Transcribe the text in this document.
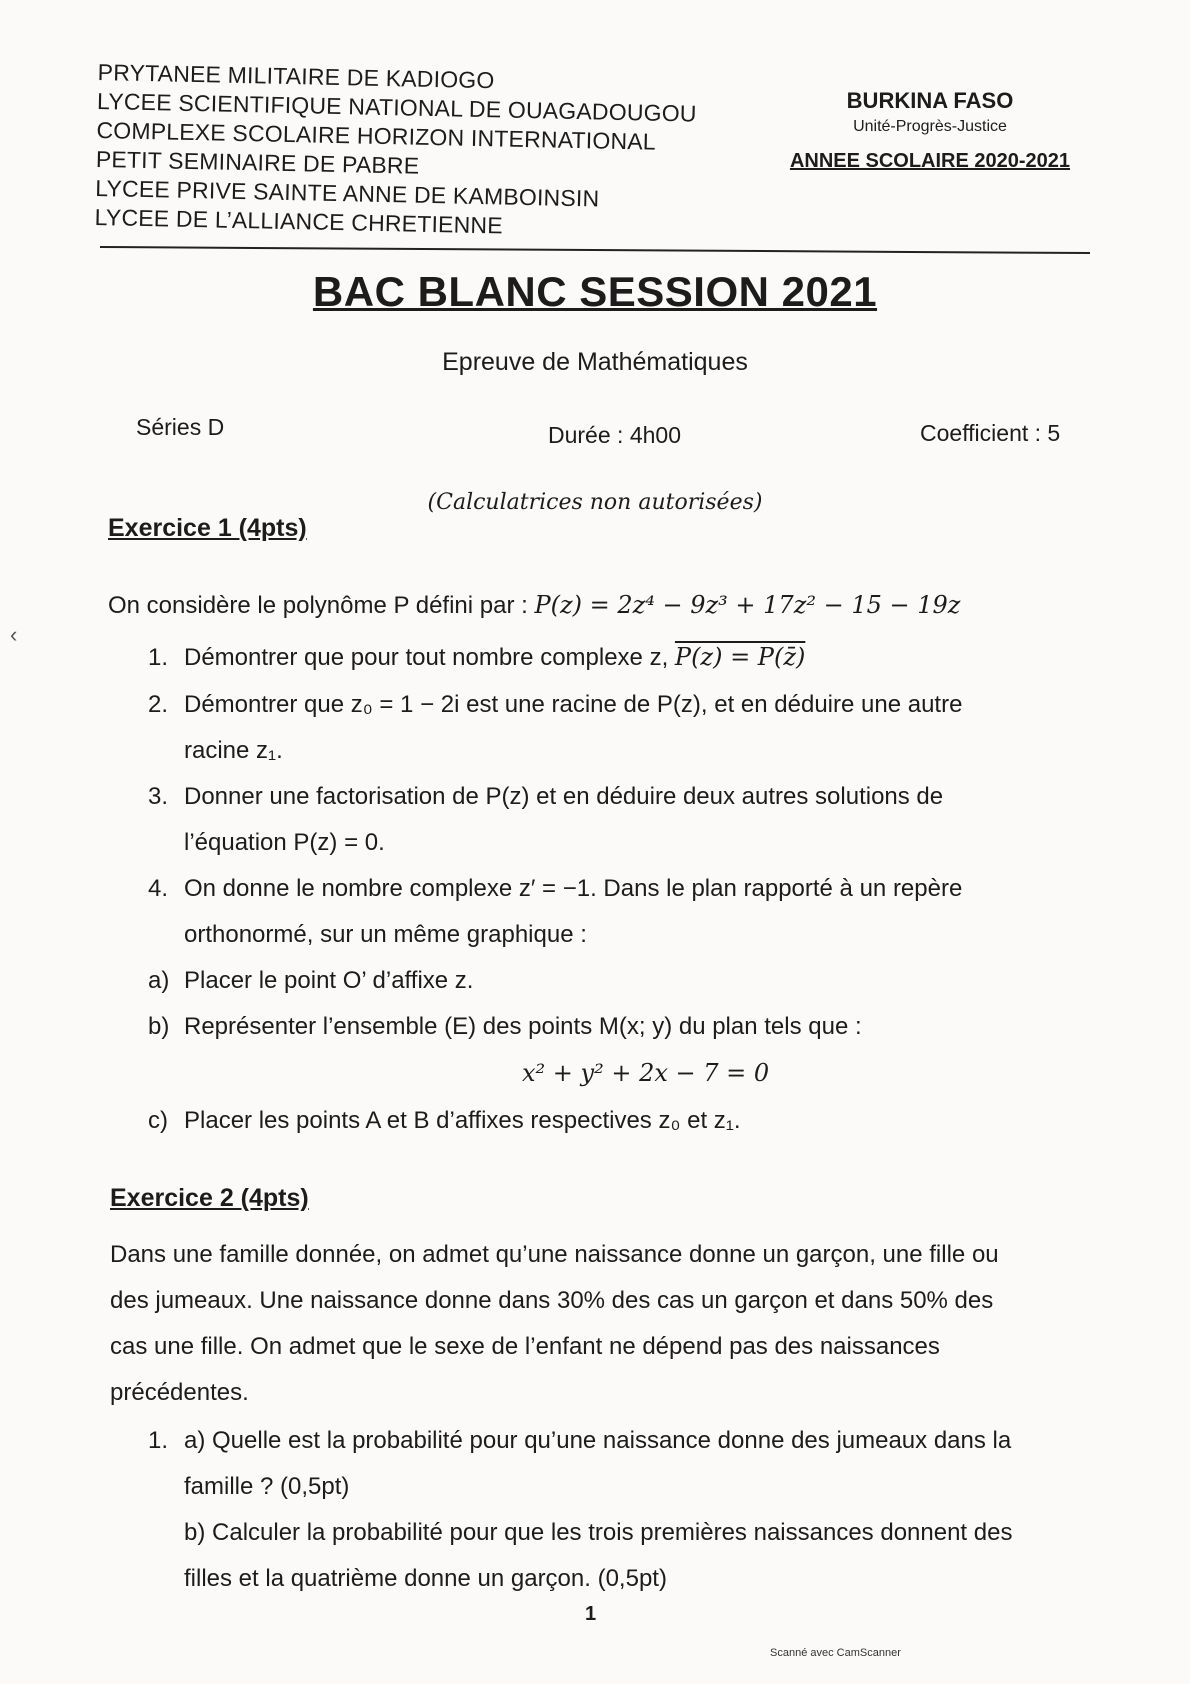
PRYTANEE MILITAIRE DE KADIOGO
LYCEE SCIENTIFIQUE NATIONAL DE OUAGADOUGOU
COMPLEXE SCOLAIRE HORIZON INTERNATIONAL
PETIT SEMINAIRE DE PABRE
LYCEE PRIVE SAINTE ANNE DE KAMBOINSIN
LYCEE DE L’ALLIANCE CHRETIENNE
BURKINA FASO
Unité-Progrès-Justice
ANNEE SCOLAIRE 2020-2021
BAC BLANC SESSION 2021
Epreuve de Mathématiques
Séries D	Durée : 4h00	Coefficient : 5
(Calculatrices non autorisées)
‹
Exercice 1 (4pts)
On considère le polynôme P défini par : P(z) = 2z⁴ − 9z³ + 17z² − 15 − 19z
1. Démontrer que pour tout nombre complexe z, P(z) = P(z̄)
2. Démontrer que z₀ = 1 − 2i est une racine de P(z), et en déduire une autre
racine z₁.
3. Donner une factorisation de P(z) et en déduire deux autres solutions de
l’équation P(z) = 0.
4. On donne le nombre complexe z′ = −1. Dans le plan rapporté à un repère
orthonormé, sur un même graphique :
a) Placer le point O’ d’affixe z.
b) Représenter l’ensemble (E) des points M(x; y) du plan tels que :
x² + y² + 2x − 7 = 0
c) Placer les points A et B d’affixes respectives z₀ et z₁.
Exercice 2 (4pts)
Dans une famille donnée, on admet qu’une naissance donne un garçon, une fille ou
des jumeaux. Une naissance donne dans 30% des cas un garçon et dans 50% des
cas une fille. On admet que le sexe de l’enfant ne dépend pas des naissances
précédentes.
1. a) Quelle est la probabilité pour qu’une naissance donne des jumeaux dans la
famille ? (0,5pt)
b) Calculer la probabilité pour que les trois premières naissances donnent des
filles et la quatrième donne un garçon. (0,5pt)
1
Scanné avec CamScanner
